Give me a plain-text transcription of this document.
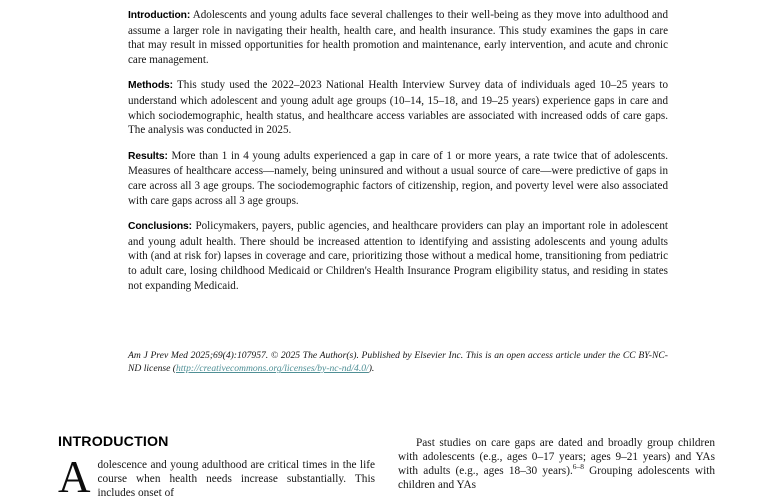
Introduction: Adolescents and young adults face several challenges to their well-being as they move into adulthood and assume a larger role in navigating their health, health care, and health insurance. This study examines the gaps in care that may result in missed opportunities for health promotion and maintenance, early intervention, and acute and chronic care management.

Methods: This study used the 2022–2023 National Health Interview Survey data of individuals aged 10–25 years to understand which adolescent and young adult age groups (10–14, 15–18, and 19–25 years) experience gaps in care and which sociodemographic, health status, and healthcare access variables are associated with increased odds of care gaps. The analysis was conducted in 2025.

Results: More than 1 in 4 young adults experienced a gap in care of 1 or more years, a rate twice that of adolescents. Measures of healthcare access—namely, being uninsured and without a usual source of care—were predictive of gaps in care across all 3 age groups. The sociodemographic factors of citizenship, region, and poverty level were also associated with care gaps across all 3 age groups.

Conclusions: Policymakers, payers, public agencies, and healthcare providers can play an important role in adolescent and young adult health. There should be increased attention to identifying and assisting adolescents and young adults with (and at risk for) lapses in coverage and care, prioritizing those without a medical home, transitioning from pediatric to adult care, losing childhood Medicaid or Children's Health Insurance Program eligibility status, and residing in states not expanding Medicaid.

Am J Prev Med 2025;69(4):107957. © 2025 The Author(s). Published by Elsevier Inc. This is an open access article under the CC BY-NC-ND license (http://creativecommons.org/licenses/by-nc-nd/4.0/).
INTRODUCTION

Adolescence and young adulthood are critical times in the life course when health needs increase substantially. This includes onset of

Past studies on care gaps are dated and broadly group children with adolescents (e.g., ages 0–17 years; ages 9–21 years) and YAs with adults (e.g., ages 18–30 years).$^{6-8}$ Grouping adolescents with children and YAs
